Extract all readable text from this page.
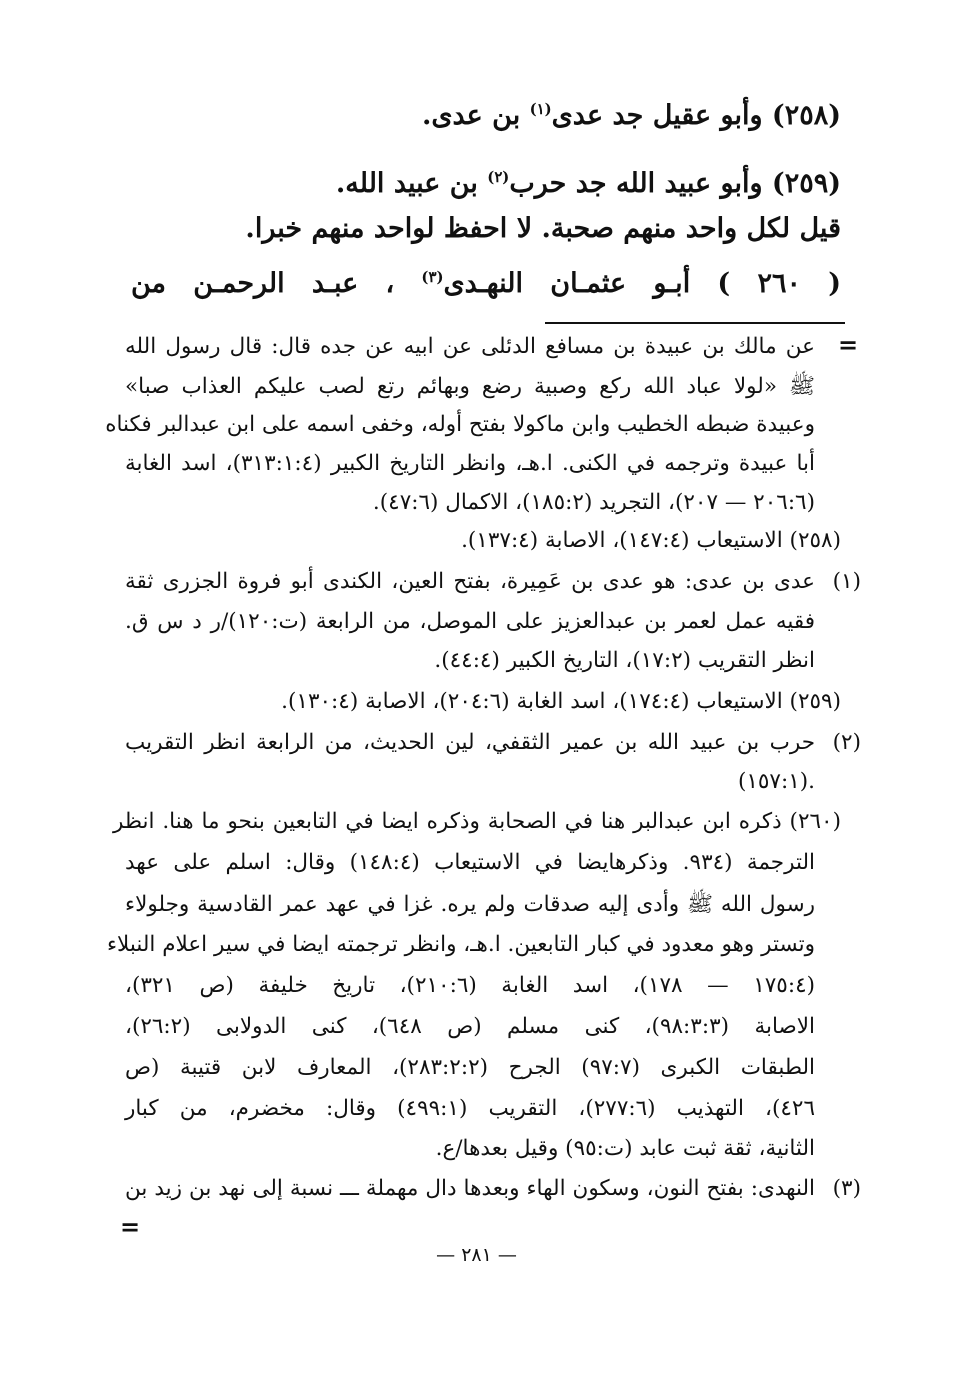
(٢٥٨) وأبو عقيل جد عدى$^{(١)}$ بن عدى.
(٢٥٩) وأبو عبيد الله جد حرب$^{(٢)}$ بن عبيد الله.
قيل لكل واحد منهم صحبة. لا احفظ لواحد منهم خبرا.
( ٢٦٠ ) أبـو عثمـان النهـدى$^{(٣)}$ ، عبـد الرحمـن من
=
عن مالك بن عبيدة بن مسافع الدئلى عن ابيه عن جده قال: قال رسول الله
ﷺ «لولا عباد الله ركع وصبية رضع وبهائم رتع لصب عليكم العذاب صبا»
وعبيدة ضبطه الخطيب وابن ماكولا بفتح أوله، وخفى اسمه على ابن عبدالبر فكناه
أبا عبيدة وترجمه في الكنى. ا.هـ، وانظر التاريخ الكبير (٣١٣:١:٤)، اسد الغابة
(٢٠٦:٦ — ٢٠٧)، التجريد (١٨٥:٢)، الاكمال (٤٧:٦).
(٢٥٨) الاستيعاب (١٤٧:٤)، الاصابة (١٣٧:٤).
(١)
عدى بن عدى: هو عدى بن عَمِيرة، بفتح العين، الكندى أبو فروة الجزرى ثقة
فقيه عمل لعمر بن عبدالعزيز على الموصل، من الرابعة (ت:١٢٠)/ر د س ق.
انظر التقريب (١٧:٢)، التاريخ الكبير (٤٤:٤).
(٢٥٩) الاستيعاب (١٧٤:٤)، اسد الغابة (٢٠٤:٦)، الاصابة (١٣٠:٤).
(٢)
حرب بن عبيد الله بن عمير الثقفي، لين الحديث، من الرابعة انظر التقريب
(١٥٧:١).
(٢٦٠) ذكره ابن عبدالبر هنا في الصحابة وذكره ايضا في التابعين بنحو ما هنا. انظر
الترجمة (٩٣٤. وذكرهايضا في الاستيعاب (١٤٨:٤) وقال: اسلم على عهد
رسول الله ﷺ وأدى إليه صدقات ولم يره. غزا في عهد عمر القادسية وجلولاء
وتستر وهو معدود في كبار التابعين. ا.هـ، وانظر ترجمته ايضا في سير اعلام النبلاء
(١٧٥:٤ — ١٧٨)، اسد الغابة (٢١٠:٦)، تاريخ خليفة (ص ٣٢١)،
الاصابة (٩٨:٣:٣)، كنى مسلم (ص ٦٤٨)، كنى الدولابى (٢٦:٢)،
الطبقات الكبرى (٩٧:٧) الجرح (٢٨٣:٢:٢)، المعارف لابن قتيبة (ص
٤٢٦)، التهذيب (٢٧٧:٦)، التقريب (٤٩٩:١) وقال: مخضرم، من كبار
الثانية، ثقة ثبت عابد (ت:٩٥) وقيل بعدها/ع.
(٣)
النهدى: بفتح النون، وسكون الهاء وبعدها دال مهملة ـــ نسبة إلى نهد بن زيد بن
=
— ٢٨١ —
